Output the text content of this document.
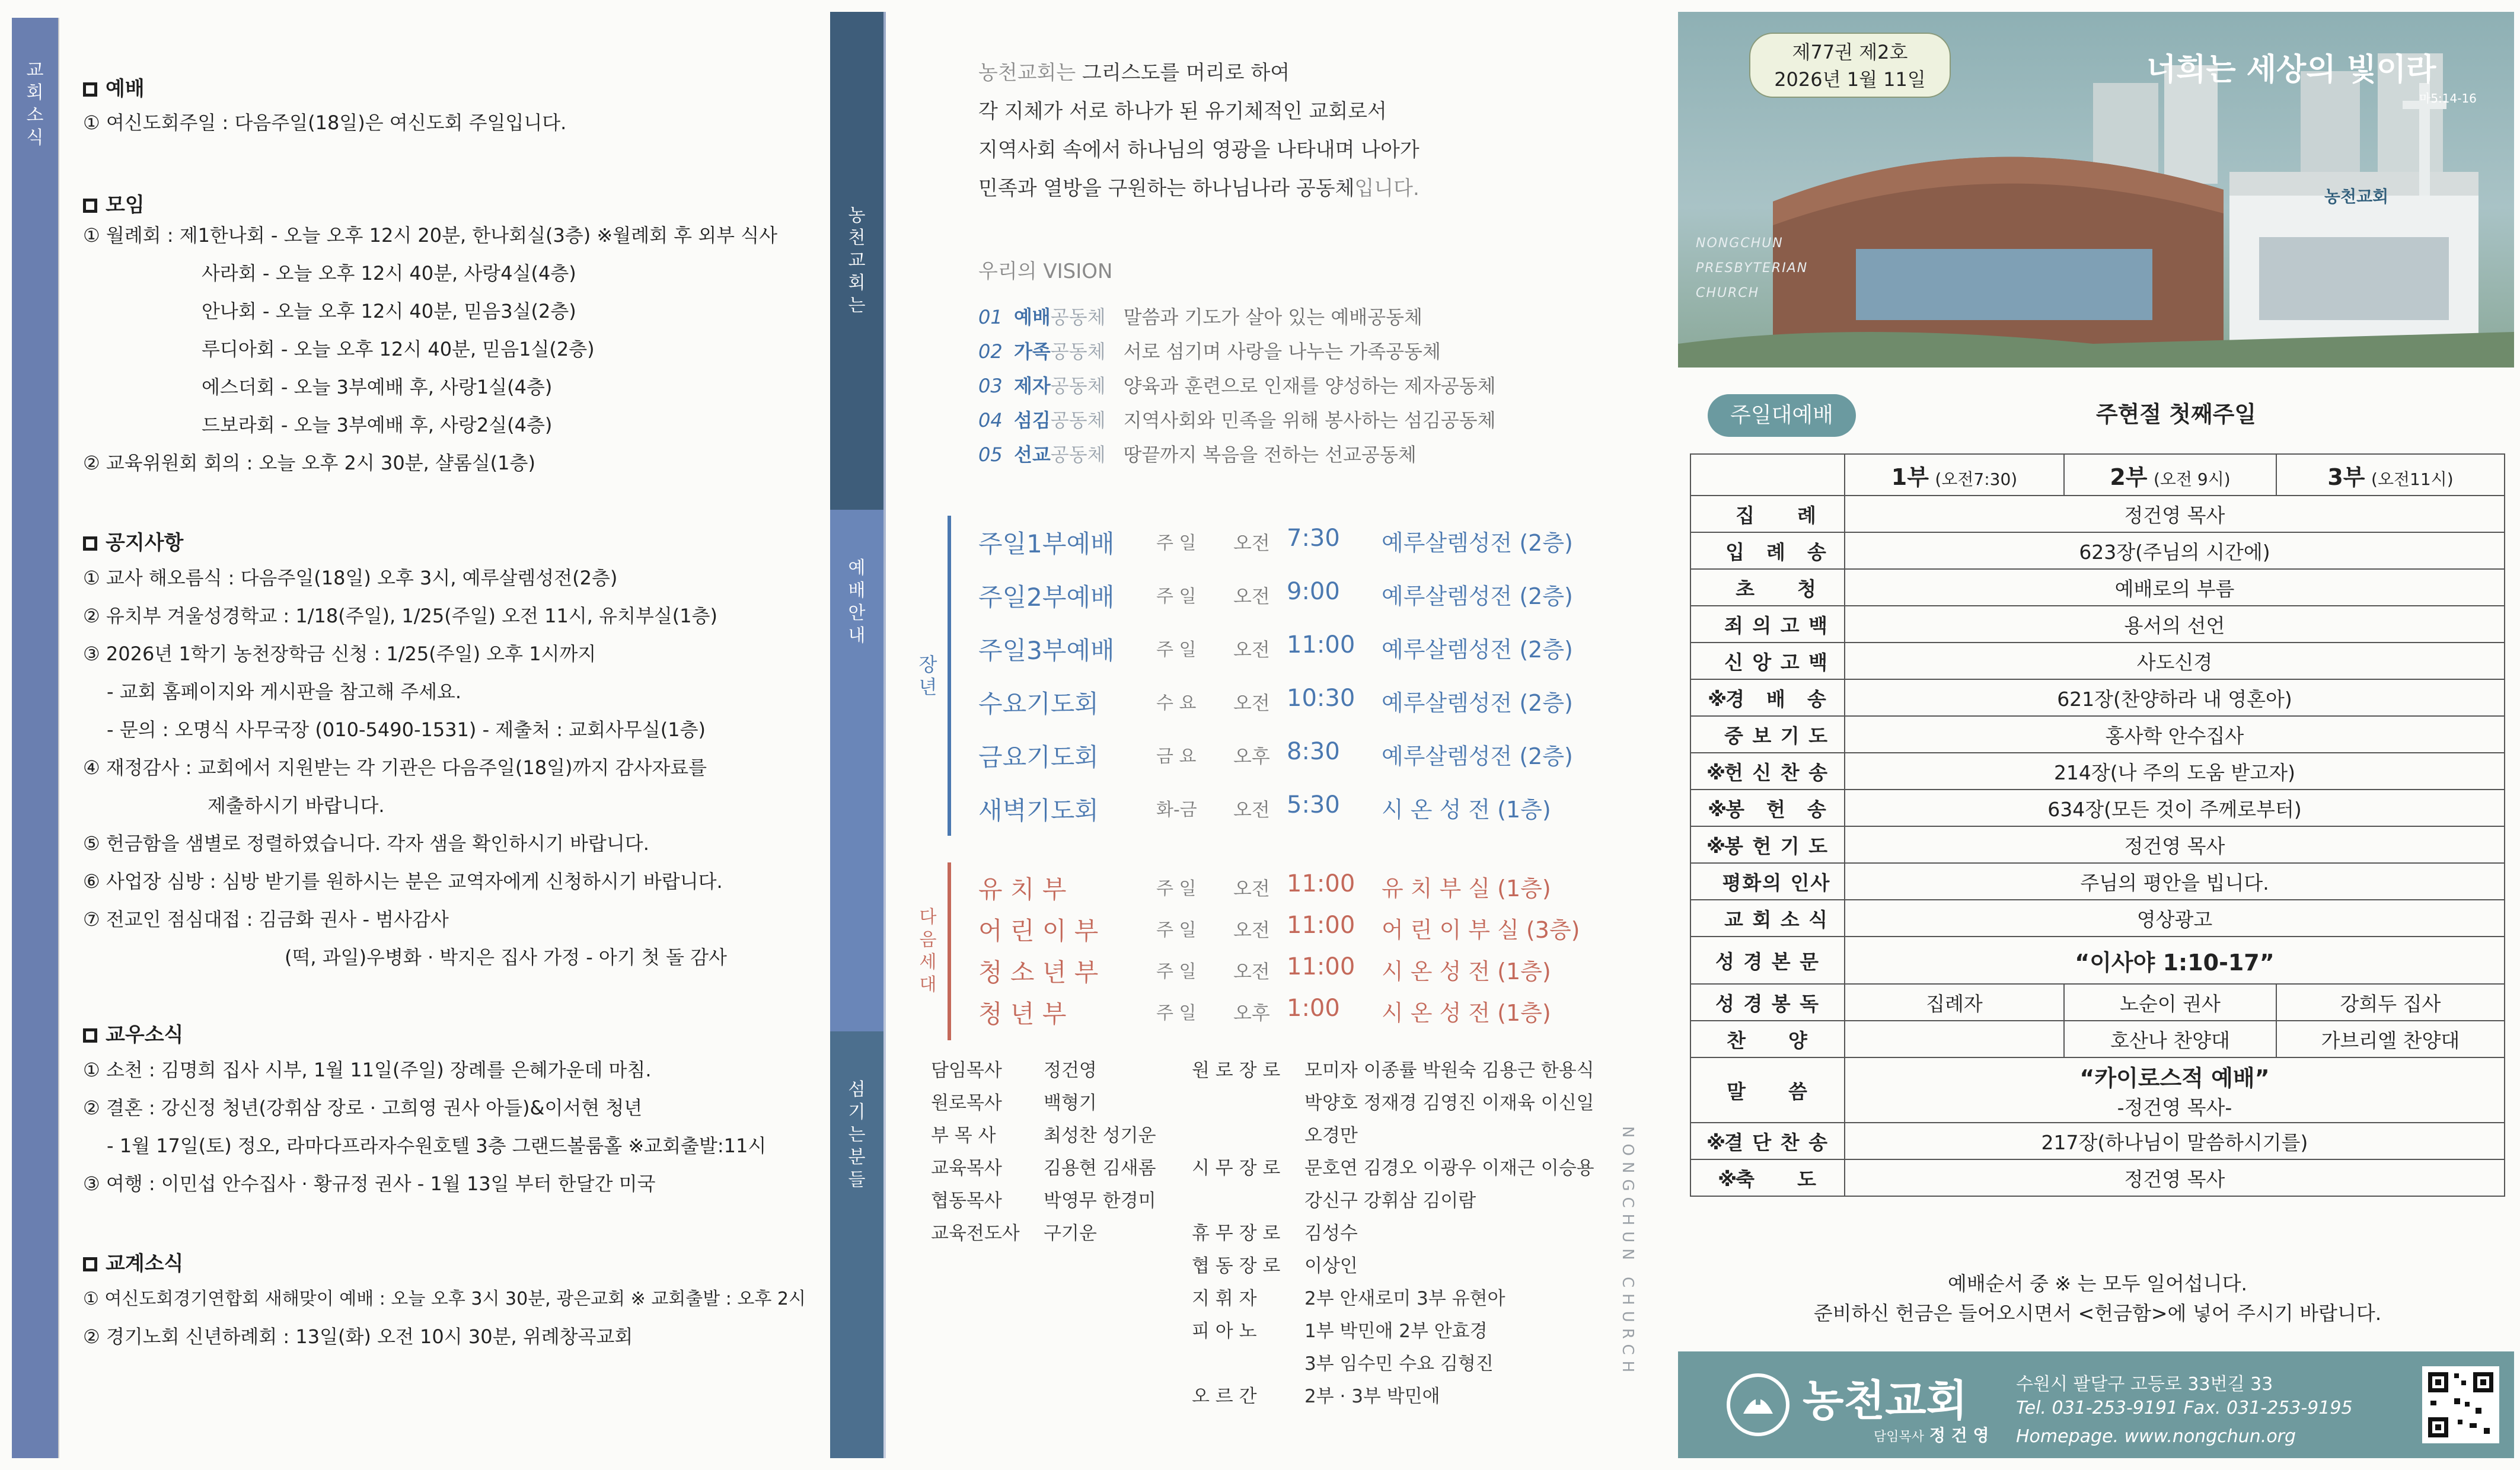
교
회
소
식
예배
① 여신도회주일 : 다음주일(18일)은 여신도회 주일입니다.
모임
① 월례회 : 제1한나회 - 오늘 오후 12시 20분, 한나회실(3층) ※월례회 후 외부 식사
사라회 - 오늘 오후 12시 40분, 사랑4실(4층)
안나회 - 오늘 오후 12시 40분, 믿음3실(2층)
루디아회 - 오늘 오후 12시 40분, 믿음1실(2층)
에스더회 - 오늘 3부예배 후, 사랑1실(4층)
드보라회 - 오늘 3부예배 후, 사랑2실(4층)
② 교육위원회 회의 : 오늘 오후 2시 30분, 샬롬실(1층)
공지사항
① 교사 해오름식 : 다음주일(18일) 오후 3시, 예루살렘성전(2층)
② 유치부 겨울성경학교 : 1/18(주일), 1/25(주일) 오전 11시, 유치부실(1층)
③ 2026년 1학기 농천장학금 신청 : 1/25(주일) 오후 1시까지
- 교회 홈페이지와 게시판을 참고해 주세요.
- 문의 : 오명식 사무국장 (010-5490-1531) - 제출처 : 교회사무실(1층)
④ 재정감사 : 교회에서 지원받는 각 기관은 다음주일(18일)까지 감사자료를
제출하시기 바랍니다.
⑤ 헌금함을 샘별로 정렬하였습니다. 각자 샘을 확인하시기 바랍니다.
⑥ 사업장 심방 : 심방 받기를 원하시는 분은 교역자에게 신청하시기 바랍니다.
⑦ 전교인 점심대접 : 김금화 권사 - 범사감사
(떡, 과일)우병화 · 박지은 집사 가정 - 아기 첫 돌 감사
교우소식
① 소천 : 김명희 집사 시부, 1월 11일(주일) 장례를 은혜가운데 마침.
② 결혼 : 강신정 청년(강휘삼 장로 · 고희영 권사 아들)&이서현 청년
- 1월 17일(토) 정오, 라마다프라자수원호텔 3층 그랜드볼룸홀 ※교회출발:11시
③ 여행 : 이민섭 안수집사 · 황규정 권사 - 1월 13일 부터 한달간 미국
교계소식
① 여신도회경기연합회 새해맞이 예배 : 오늘 오후 3시 30분, 광은교회 ※ 교회출발 : 오후 2시
② 경기노회 신년하례회 : 13일(화) 오전 10시 30분, 위례창곡교회
농
천
교
회
는
예
배
안
내
섬
기
는
분
들
농천교회는 그리스도를 머리로 하여
각 지체가 서로 하나가 된 유기체적인 교회로서
지역사회 속에서 하나님의 영광을 나타내며 나아가
민족과 열방을 구원하는 하나님나라 공동체입니다.
우리의 VISION
01 예배공동체 말씀과 기도가 살아 있는 예배공동체
02 가족공동체 서로 섬기며 사랑을 나누는 가족공동체
03 제자공동체 양육과 훈련으로 인재를 양성하는 제자공동체
04 섬김공동체 지역사회와 민족을 위해 봉사하는 섬김공동체
05 선교공동체 땅끝까지 복음을 전하는 선교공동체
장
년
주일1부예배 주 일 오전 7:30 예루살렘성전 (2층)
주일2부예배 주 일 오전 9:00 예루살렘성전 (2층)
주일3부예배 주 일 오전 11:00 예루살렘성전 (2층)
수요기도회	수 요 오전 10:30 예루살렘성전 (2층)
금요기도회	금 요 오후 8:30 예루살렘성전 (2층)
새벽기도회	화-금 오전 5:30 시 온 성 전 (1층)
다
음
세
대
유 치 부	주 일 오전 11:00 유 치 부 실 (1층)
어 린 이 부	주 일 오전 11:00 어 린 이 부 실 (3층)
청 소 년 부	주 일 오전 11:00 시 온 성 전 (1층)
청 년 부	주 일 오후 1:00 시 온 성 전 (1층)
담임목사 정건영
원로목사 백형기
부 목 사	최성찬 성기운
교육목사 김용현 김새롬
협동목사 박영무 한경미
교육전도사 구기운
원 로 장 로 모미자 이종률 박원숙 김용근 한용식
박양호 정재경 김영진 이재육 이신일
오경만
시 무 장 로 문호연 김경오 이광우 이재근 이승용
강신구 강휘삼 김이람
휴 무 장 로 김성수
협 동 장 로 이상인
지 휘 자	2부 안새로미 3부 유현아
피 아 노	1부 박민애 2부 안효경
3부 임수민 수요 김형진
오 르 간	2부 · 3부 박민애
NONGCHUN CHURCH
제77권 제2호
2026년 1월 11일	너희는 세상의 빛이라
마5:14-16
NONGCHUN
PRESBYTERIAN
CHURCH
농천교회
주일대예배	주현절 첫째주일
	1부 (오전7:30)	2부 (오전 9시)	3부 (오전11시)
집　　례	정건영 목사		
입　례　송	623장(주님의 시간에)		
초　　청	예배로의 부름		
죄 의 고 백	용서의 선언		
신 앙 고 백	사도신경		
※경　배　송	621장(찬양하라 내 영혼아)		
중 보 기 도	홍사학 안수집사		
※헌 신 찬 송	214장(나 주의 도움 받고자)		
※봉　헌　송	634장(모든 것이 주께로부터)		
※봉 헌 기 도	정건영 목사		
평화의 인사	주님의 평안을 빕니다.		
교 회 소 식	영상광고		
성 경 본 문	“이사야 1:10-17”		
성 경 봉 독	집례자	노순이 권사	강희두 집사
찬　　양		호산나 찬양대	가브리엘 찬양대
말　　씀	“카이로스적 예배”
-정건영 목사-		

※결 단 찬 송	217장(하나님이 말씀하시기를)		
※축　　도	정건영 목사		
예배순서 중 ※ 는 모두 일어섭니다.
준비하신 헌금은 들어오시면서 <헌금함>에 넣어 주시기 바랍니다.
농천교회
담임목사 정 건 영
수원시 팔달구 고등로 33번길 33
Tel. 031-253-9191 Fax. 031-253-9195
Homepage. www.nongchun.org
